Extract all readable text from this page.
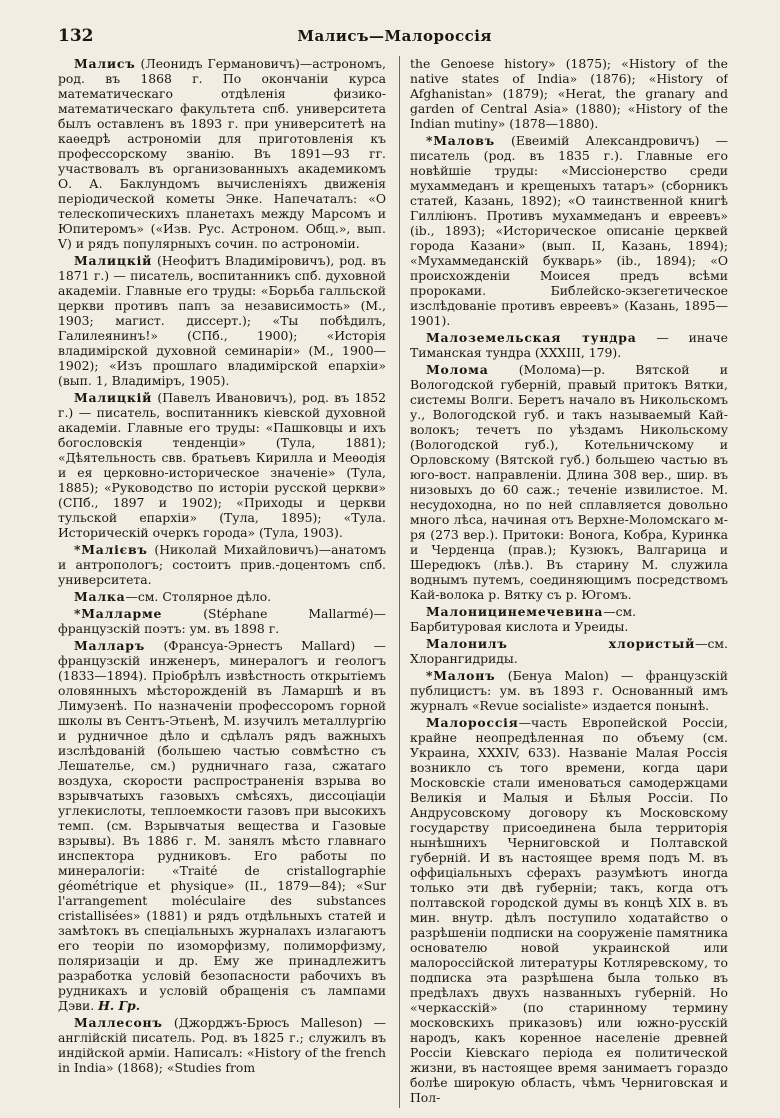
132	Малисъ—Малороссія

Малисъ (Леонидъ Германовичъ)—астрономъ, род. въ 1868 г. По окончаніи курса математическаго отдѣленія физико-математическаго факультета спб. университета былъ оставленъ въ 1893 г. при университетѣ на каѳедрѣ астрономіи для приготовленія къ профессорскому званію. Въ 1891—93 гг. участвовалъ въ организованныхъ академикомъ О. А. Баклундомъ вычисленіяхъ движенія періодической кометы Энке. Напечаталъ: «О телескопическихъ планетахъ между Марсомъ и Юпитеромъ» («Изв. Рус. Астроном. Общ.», вып. V) и рядъ популярныхъ сочин. по астрономіи.

Малицкій (Неофитъ Владиміровичъ), род. въ 1871 г.) — писатель, воспитанникъ спб. духовной академіи. Главные его труды: «Борьба галльской церкви противъ папъ за независимость» (М., 1903; магист. диссерт.); «Ты побѣдилъ, Галилеянинъ!» (СПб., 1900); «Исторія владимірской духовной семинаріи» (М., 1900—1902); «Изъ прошлаго владимірской епархіи» (вып. 1, Владиміръ, 1905).

Малицкій (Павелъ Ивановичъ), род. въ 1852 г.) — писатель, воспитанникъ кіевской духовной академіи. Главные его труды: «Пашковцы и ихъ богословскія тенденціи» (Тула, 1881); «Дѣятельность свв. братьевъ Кирилла и Меѳодія и ея церковно-историческое значеніе» (Тула, 1885); «Руководство по исторіи русской церкви» (СПб., 1897 и 1902); «Приходы и церкви тульской епархіи» (Тула, 1895); «Тула. Историческій очеркъ города» (Тула, 1903).

*Малієвъ (Николай Михайловичъ)—анатомъ и антропологъ; состоитъ прив.-доцентомъ спб. университета.

Малка—см. Столярное дѣло.

*Малларме (Stéphane Mallarmé)—французскій поэтъ: ум. въ 1898 г.

Малларъ (Франсуа-Эрнестъ Mallard) — французскій инженеръ, минералогъ и геологъ (1833—1894). Пріобрѣлъ извѣстность открытіемъ оловянныхъ мѣсторожденій въ Ламаршѣ и въ Лимузенѣ. По назначеніи профессоромъ горной школы въ Сентъ-Этьенѣ, М. изучилъ металлургію и рудничное дѣло и сдѣлалъ рядъ важныхъ изслѣдованій (большею частью совмѣстно съ Лешателье, см.) рудничнаго газа, сжатаго воздуха, скорости распространенія взрыва во взрывчатыхъ газовыхъ смѣсяхъ, диссоціаціи углекислоты, теплоемкости газовъ при высокихъ темп. (см. Взрывчатыя вещества и Газовые взрывы). Въ 1886 г. М. занялъ мѣсто главнаго инспектора рудниковъ. Его работы по минералогіи: «Traité de cristallographie géométrique et physique» (II., 1879—84); «Sur l'arrangement moléculaire des substances cristallisées» (1881) и рядъ отдѣльныхъ статей и замѣтокъ въ спеціальныхъ журналахъ излагаютъ его теоріи по изоморфизму, полиморфизму, поляризаціи и др. Ему же принадлежитъ разработка условій безопасности рабочихъ въ рудникахъ и условій обращенія съ лампами Дэви. Н. Гр.

Маллесонъ (Джорджъ-Брюсъ Malleson) —англійскій писатель. Род. въ 1825 г.; служилъ въ индійской арміи. Написалъ: «History of the french in India» (1868); «Studies from

the Genoese history» (1875); «History of the native states of India» (1876); «History of Afghanistan» (1879); «Herat, the granary and garden of Central Asia» (1880); «History of the Indian mutiny» (1878—1880).

*Маловъ (Евеимій Александровичъ) — писатель (род. въ 1835 г.). Главные его новѣйшіе труды: «Миссіонерство среди мухаммеданъ и крещеныхъ татаръ» (сборникъ статей, Казань, 1892); «О таинственной книгѣ Гилліюнъ. Противъ мухаммеданъ и евреевъ» (ib., 1893); «Историческое описаніе церквей города Казани» (вып. II, Казань, 1894); «Мухаммеданскій букварь» (ib., 1894); «О происхожденіи Моисея предъ всѣми пророками. Библейско-экзегетическое изслѣдованіе противъ евреевъ» (Казань, 1895—1901).

Малоземельская тундра — иначе Тиманская тундра (XXXIII, 179).

Молома (Молома)—р. Вятской и Вологодской губерній, правый притокъ Вятки, системы Волги. Беретъ начало въ Никольскомъ у., Вологодской губ. и такъ называемый Кай-волокъ; течетъ по уѣздамъ Никольскому (Вологодской губ.), Котельничскому и Орловскому (Вятской губ.) большею частью въ юго-вост. направленіи. Длина 308 вер., шир. въ низовыхъ до 60 саж.; теченіе извилистое. М. несудоходна, но по ней сплавляется довольно много лѣса, начиная отъ Верхне-Моломскаго м-ря (273 вер.). Притоки: Вонога, Кобра, Куринка и Черденца (прав.); Кузюкъ, Валгарица и Шередюкъ (лѣв.). Въ старину М. служила воднымъ путемъ, соединяющимъ посредствомъ Кай-волока р. Вятку съ р. Югомъ.

Малоницинемечевина—см. Барбитуровая кислота и Уреиды.

Малонилъ хлористый—см. Хлорангидриды.

*Малонъ (Бенуа Malon) — французскій публицистъ: ум. въ 1893 г. Основанный имъ журналъ «Revue socialiste» издается понынѣ.

Малороссія—часть Европейской Россіи, крайне неопредѣленная по объему (см. Украина, XXXIV, 633). Названіе Малая Россія возникло съ того времени, когда цари Московскіе стали именоваться самодержцами Великія и Малыя и Бѣлыя Россіи. По Андрусовскому договору къ Московскому государству присоединена была территорія нынѣшнихъ Черниговской и Полтавской губерній. И въ настоящее время подъ М. въ оффиціальныхъ сферахъ разумѣютъ иногда только эти двѣ губерніи; такъ, когда отъ полтавской городской думы въ концѣ XIX в. въ мин. внутр. дѣлъ поступило ходатайство о разрѣшеніи подписки на сооруженіе памятника основателю новой украинской или малороссійской литературы Котляревскому, то подписка эта разрѣшена была только въ предѣлахъ двухъ названныхъ губерній. Но «черкасскій» (по старинному термину московскихъ приказовъ) или южно-русскій народъ, какъ коренное населеніе древней Россіи Кіевскаго періода ея политической жизни, въ настоящее время занимаетъ гораздо болѣе широкую область, чѣмъ Черниговская и Пол-
